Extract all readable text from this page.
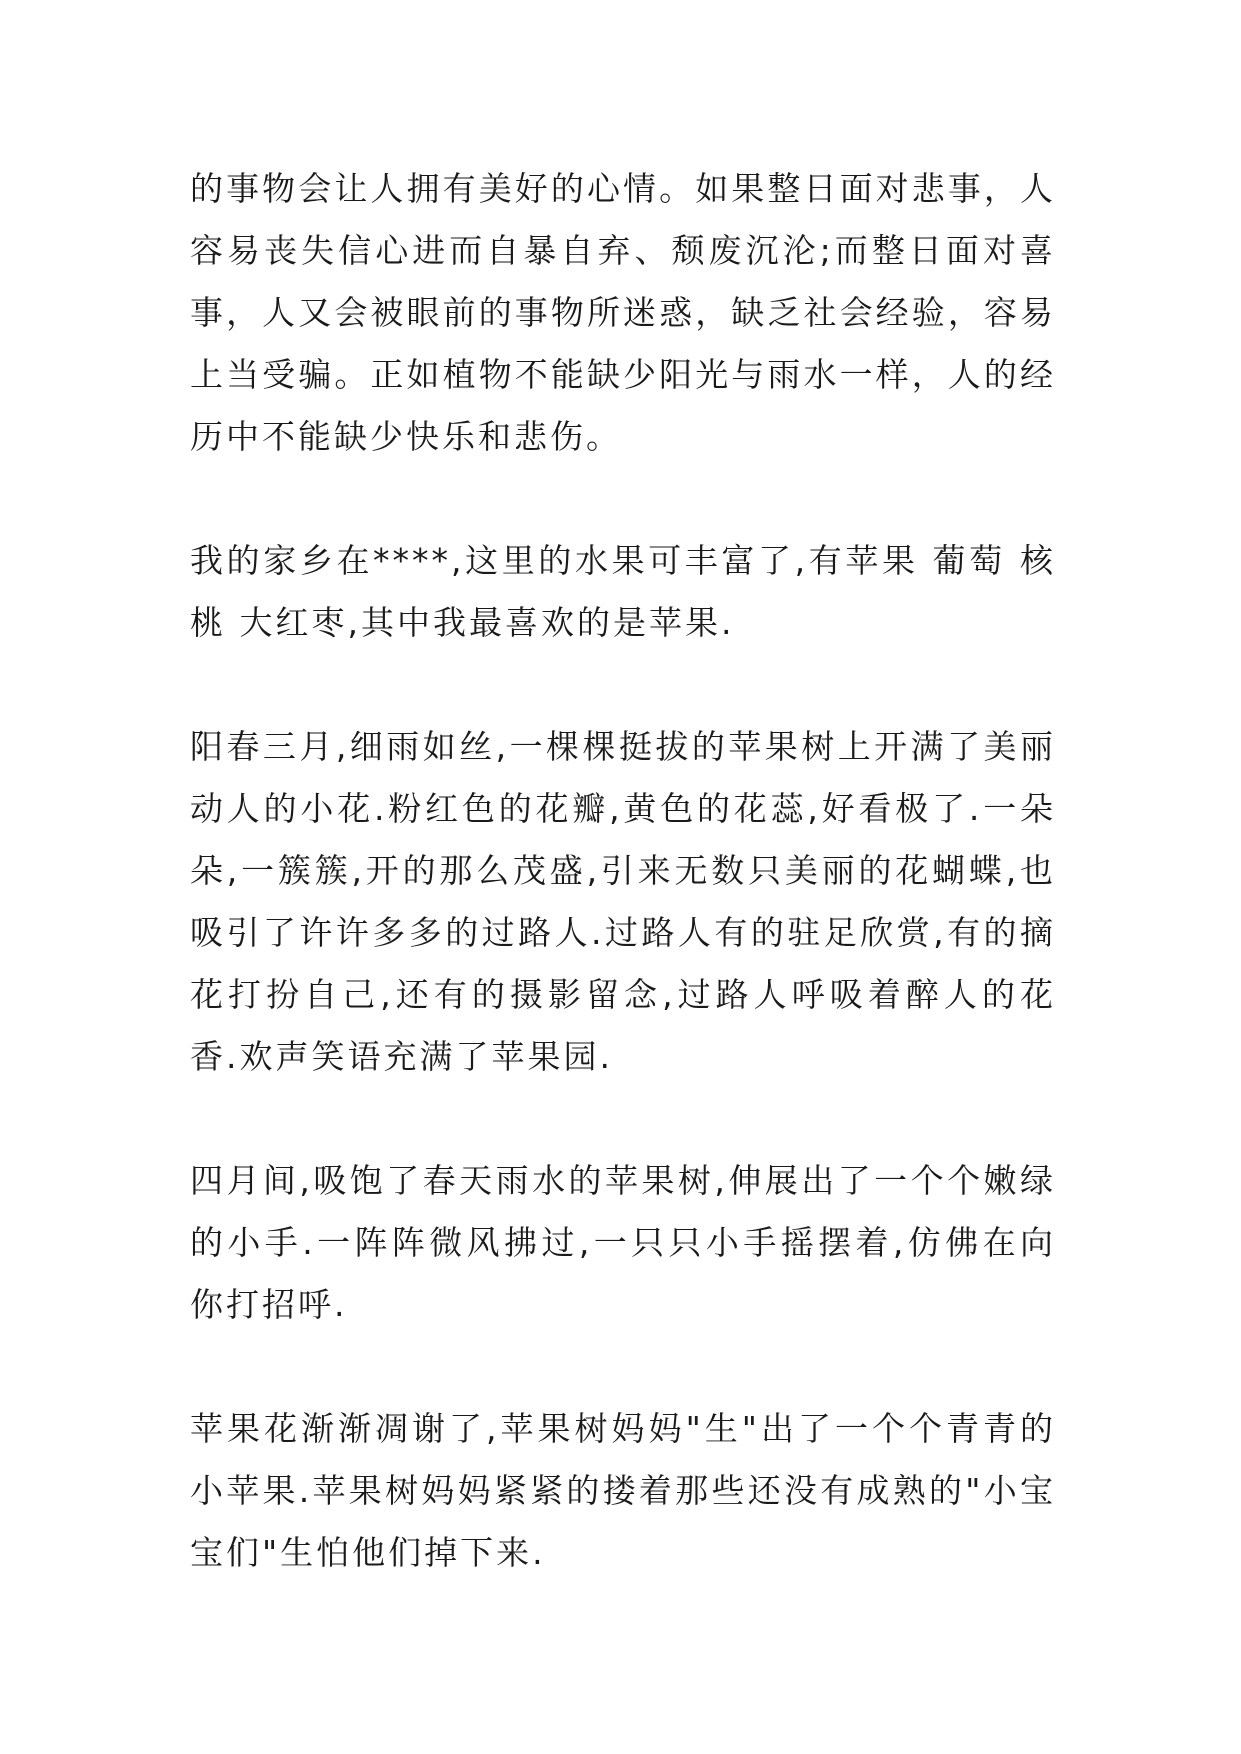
的事物会让人拥有美好的心情。如果整日面对悲事，人容易丧失信心进而自暴自弃、颓废沉沦;而整日面对喜事，人又会被眼前的事物所迷惑，缺乏社会经验，容易上当受骗。正如植物不能缺少阳光与雨水一样，人的经历中不能缺少快乐和悲伤。

我的家乡在****,这里的水果可丰富了,有苹果 葡萄 核桃 大红枣,其中我最喜欢的是苹果.

阳春三月,细雨如丝,一棵棵挺拔的苹果树上开满了美丽动人的小花.粉红色的花瓣,黄色的花蕊,好看极了.一朵朵,一簇簇,开的那么茂盛,引来无数只美丽的花蝴蝶,也吸引了许许多多的过路人.过路人有的驻足欣赏,有的摘花打扮自己,还有的摄影留念,过路人呼吸着醉人的花香.欢声笑语充满了苹果园.

四月间,吸饱了春天雨水的苹果树,伸展出了一个个嫩绿的小手.一阵阵微风拂过,一只只小手摇摆着,仿佛在向你打招呼.

苹果花渐渐凋谢了,苹果树妈妈"生"出了一个个青青的小苹果.苹果树妈妈紧紧的搂着那些还没有成熟的"小宝宝们"生怕他们掉下来.
